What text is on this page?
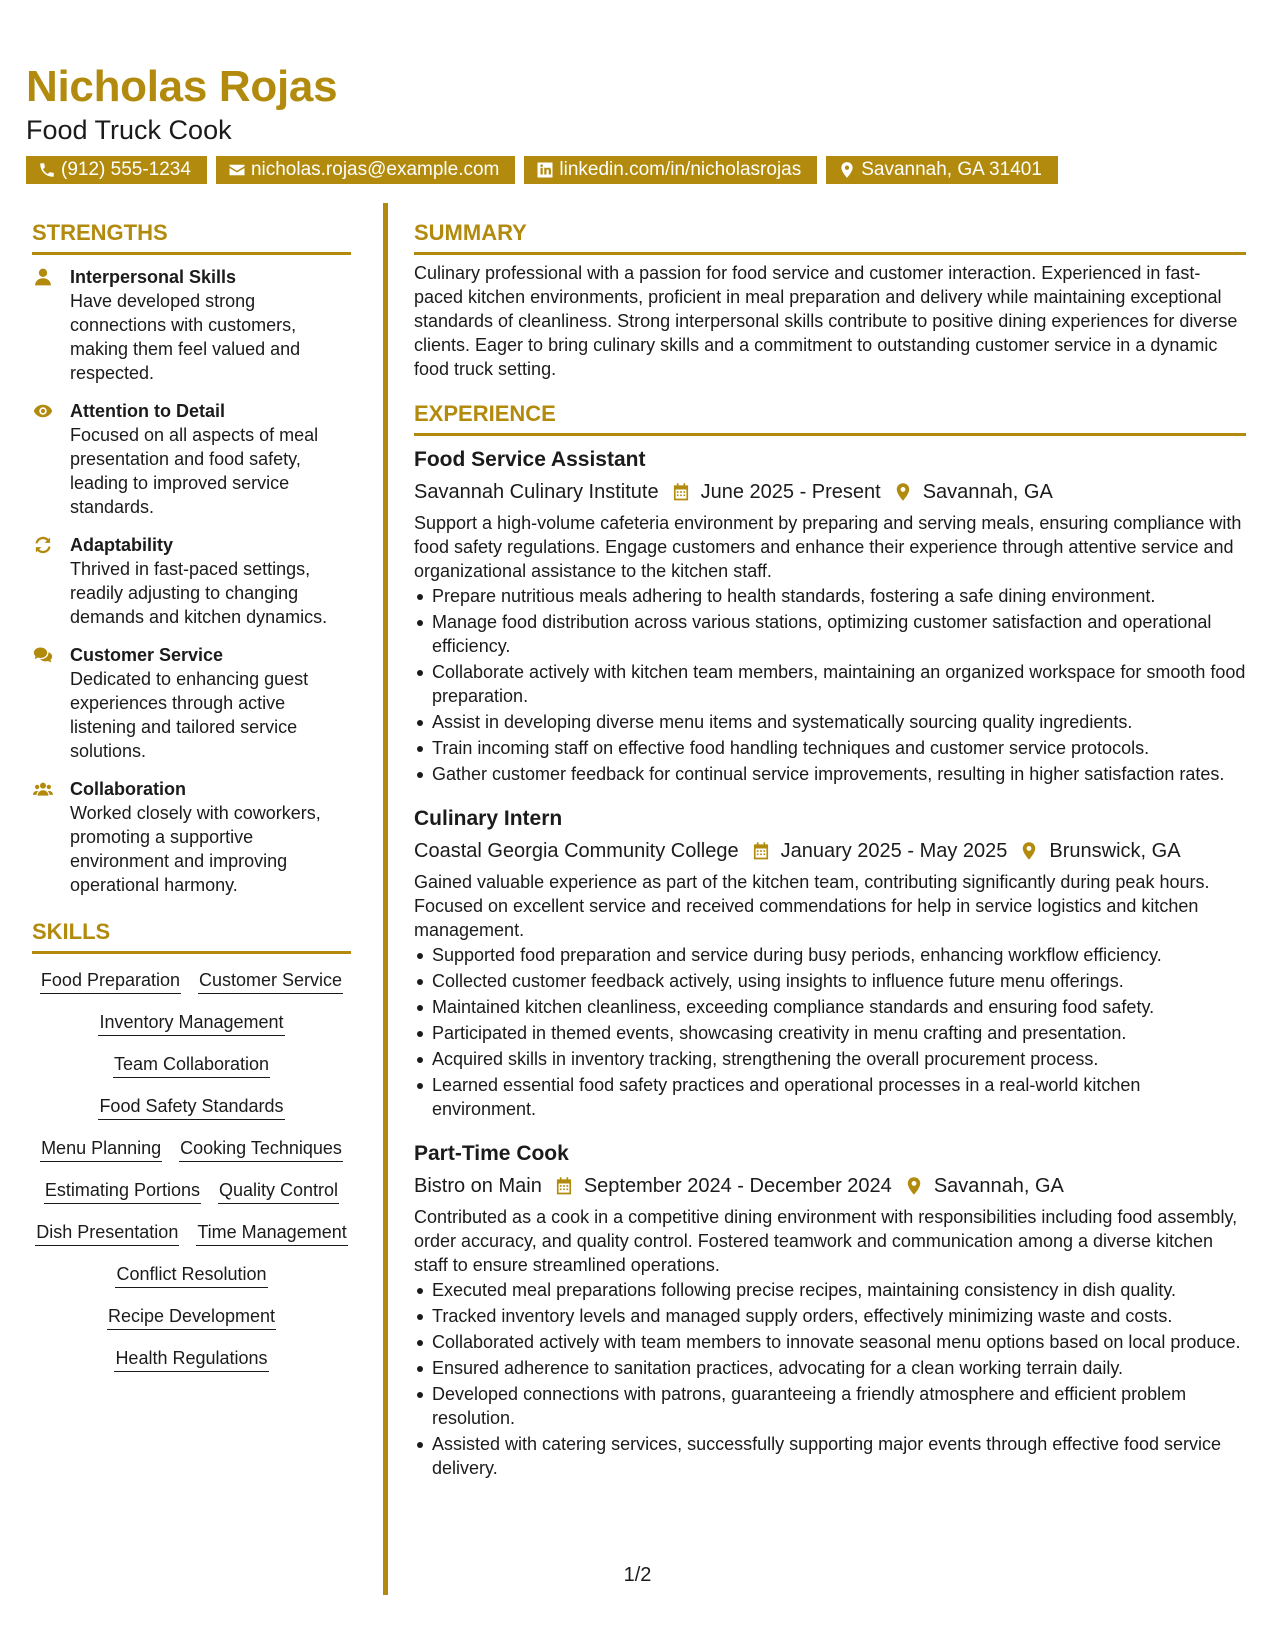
Nicholas Rojas
Food Truck Cook
(912) 555-1234	nicholas.rojas@example.com	linkedin.com/in/nicholasrojas	Savannah, GA 31401
STRENGTHS
Interpersonal Skills
Have developed strong connections with customers, making them feel valued and respected.
Attention to Detail
Focused on all aspects of meal presentation and food safety, leading to improved service standards.
Adaptability
Thrived in fast-paced settings, readily adjusting to changing demands and kitchen dynamics.
Customer Service
Dedicated to enhancing guest experiences through active listening and tailored service solutions.
Collaboration
Worked closely with coworkers, promoting a supportive environment and improving operational harmony.
SKILLS
Food Preparation Customer Service
Inventory Management
Team Collaboration
Food Safety Standards
Menu Planning Cooking Techniques
Estimating Portions Quality Control
Dish Presentation Time Management
Conflict Resolution
Recipe Development
Health Regulations
SUMMARY
Culinary professional with a passion for food service and customer interaction. Experienced in fast-paced kitchen environments, proficient in meal preparation and delivery while maintaining exceptional standards of cleanliness. Strong interpersonal skills contribute to positive dining experiences for diverse clients. Eager to bring culinary skills and a commitment to outstanding customer service in a dynamic food truck setting.
EXPERIENCE
Food Service Assistant
Savannah Culinary Institute June 2025 - Present Savannah, GA
Support a high-volume cafeteria environment by preparing and serving meals, ensuring compliance with food safety regulations. Engage customers and enhance their experience through attentive service and organizational assistance to the kitchen staff.
Prepare nutritious meals adhering to health standards, fostering a safe dining environment.
Manage food distribution across various stations, optimizing customer satisfaction and operational efficiency.
Collaborate actively with kitchen team members, maintaining an organized workspace for smooth food preparation.
Assist in developing diverse menu items and systematically sourcing quality ingredients.
Train incoming staff on effective food handling techniques and customer service protocols.
Gather customer feedback for continual service improvements, resulting in higher satisfaction rates.
Culinary Intern
Coastal Georgia Community College January 2025 - May 2025 Brunswick, GA
Gained valuable experience as part of the kitchen team, contributing significantly during peak hours. Focused on excellent service and received commendations for help in service logistics and kitchen management.
Supported food preparation and service during busy periods, enhancing workflow efficiency.
Collected customer feedback actively, using insights to influence future menu offerings.
Maintained kitchen cleanliness, exceeding compliance standards and ensuring food safety.
Participated in themed events, showcasing creativity in menu crafting and presentation.
Acquired skills in inventory tracking, strengthening the overall procurement process.
Learned essential food safety practices and operational processes in a real-world kitchen environment.
Part-Time Cook
Bistro on Main September 2024 - December 2024 Savannah, GA
Contributed as a cook in a competitive dining environment with responsibilities including food assembly, order accuracy, and quality control. Fostered teamwork and communication among a diverse kitchen staff to ensure streamlined operations.
Executed meal preparations following precise recipes, maintaining consistency in dish quality.
Tracked inventory levels and managed supply orders, effectively minimizing waste and costs.
Collaborated actively with team members to innovate seasonal menu options based on local produce.
Ensured adherence to sanitation practices, advocating for a clean working terrain daily.
Developed connections with patrons, guaranteeing a friendly atmosphere and efficient problem resolution.
Assisted with catering services, successfully supporting major events through effective food service delivery.
1/2
